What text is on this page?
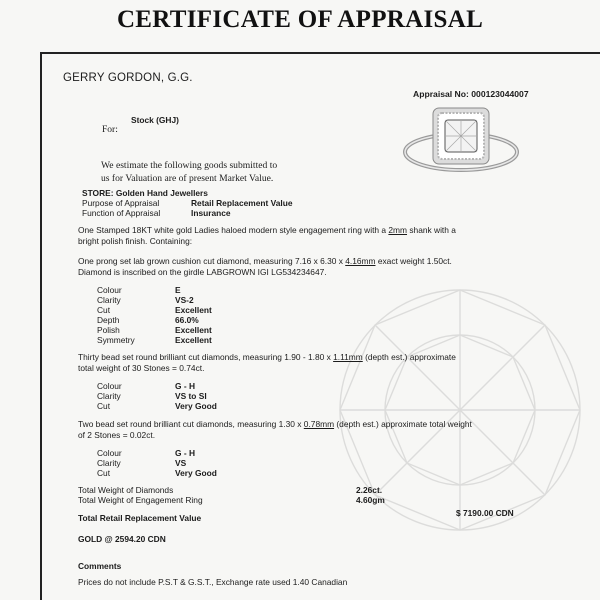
CERTIFICATE OF APPRAISAL
GERRY GORDON, G.G.
Appraisal No: 000123044007
For:
Stock (GHJ)
We estimate the following goods submitted to
us for Valuation are of present Market Value.
STORE: Golden Hand Jewellers
Purpose of Appraisal	Retail Replacement Value
Function of Appraisal	Insurance
One Stamped 18KT white gold Ladies haloed modern style engagement ring with a 2mm shank with a
bright polish finish. Containing:
One prong set lab grown cushion cut diamond, measuring 7.16 x 6.30 x 4.16mm exact weight 1.50ct.
Diamond is inscribed on the girdle LABGROWN IGI LG534234647.
Colour	E
Clarity	VS-2
Cut	Excellent
Depth	66.0%
Polish	Excellent
Symmetry	Excellent
Thirty bead set round brilliant cut diamonds, measuring 1.90 - 1.80 x 1.11mm (depth est.) approximate
total weight of 30 Stones = 0.74ct.
Colour	G - H
Clarity	VS to SI
Cut	Very Good
Two bead set round brilliant cut diamonds, measuring 1.30 x 0.78mm (depth est.) approximate total weight
of 2 Stones = 0.02ct.
Colour	G - H
Clarity	VS
Cut	Very Good
Total Weight of Diamonds	2.26ct.
Total Weight of Engagement Ring	4.60gm
Total Retail Replacement Value	$ 7190.00 CDN
GOLD @ 2594.20 CDN
Comments
Prices do not include P.S.T & G.S.T., Exchange rate used 1.40 Canadian
